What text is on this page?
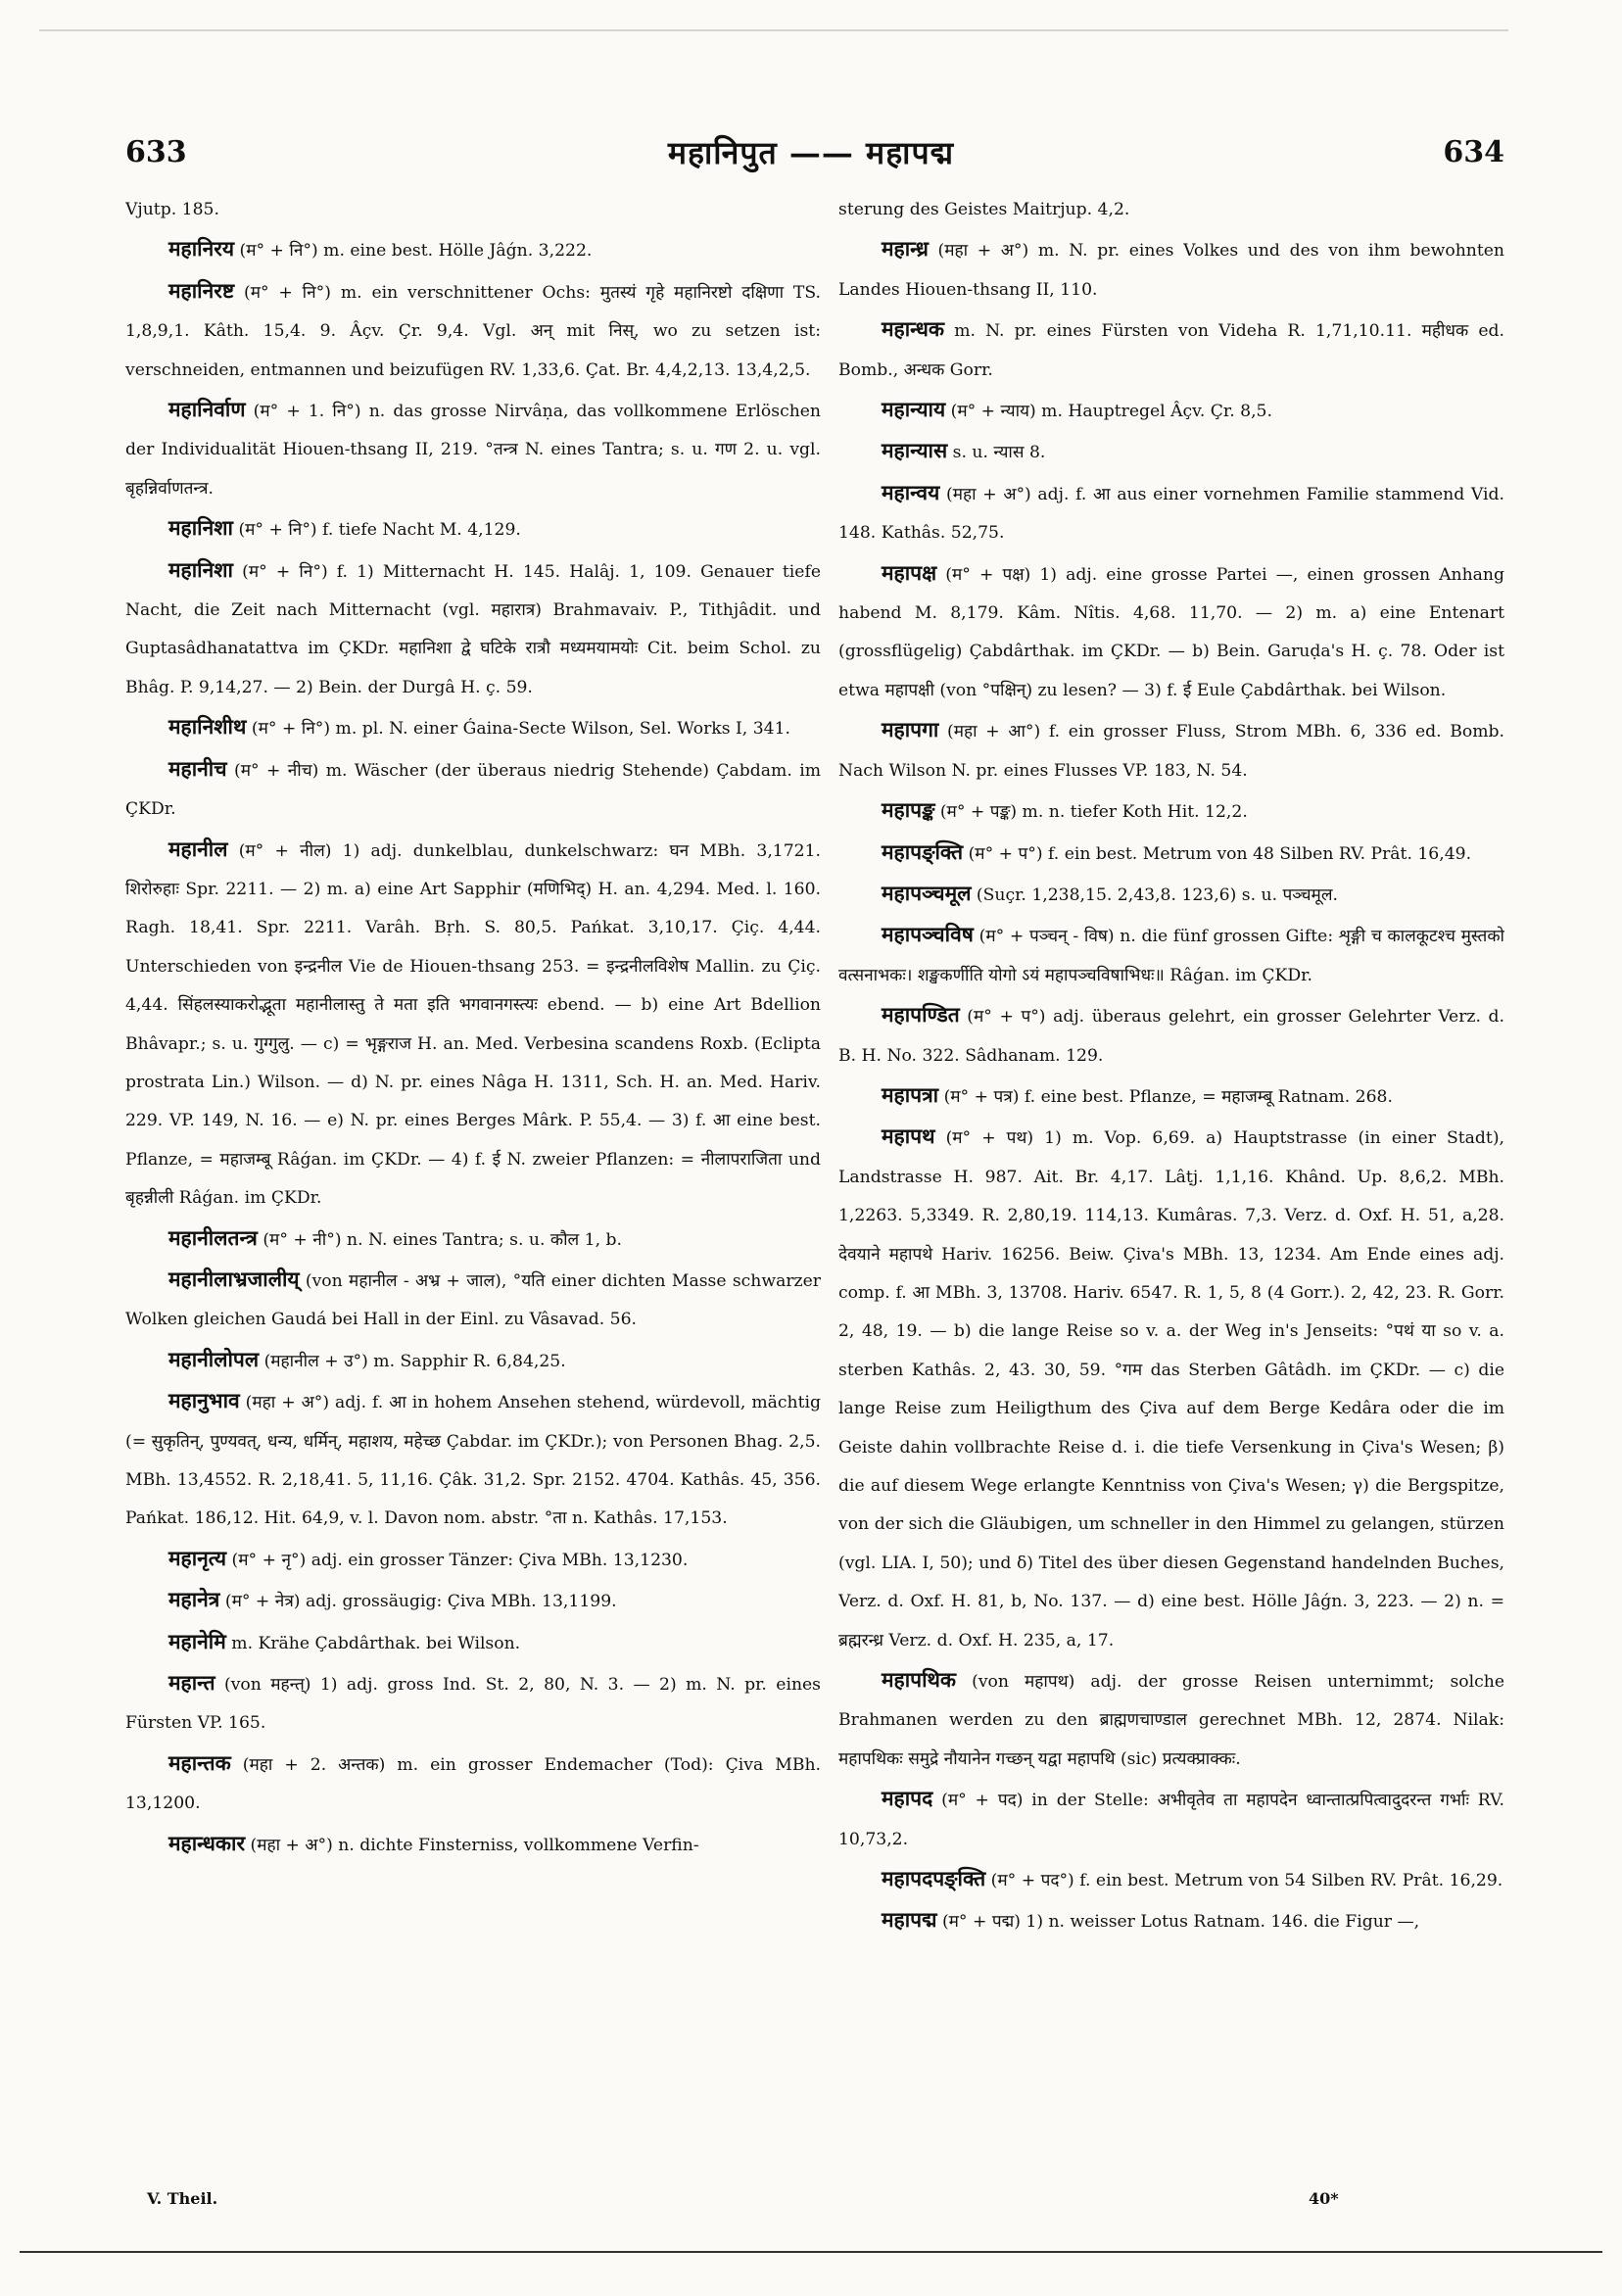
633	महानिपुत —— महापद्म	634

Vjutp. 185.

महानिरय (म° + नि°) m. eine best. Hölle Jâǵn. 3,222.

महानिरष्ट (म° + नि°) m. ein verschnittener Ochs: मुतस्यं गृहे महानिरष्टो दक्षिणा TS. 1,8,9,1. Kâth. 15,4. 9. Âçv. Çr. 9,4. Vgl. अन् mit निस्, wo zu setzen ist: verschneiden, entmannen und beizufügen RV. 1,33,6. Çat. Br. 4,4,2,13. 13,4,2,5.

महानिर्वाण (म° + 1. नि°) n. das grosse Nirvâṇa, das vollkommene Erlöschen der Individualität Hiouen-thsang II, 219. °तन्त्र N. eines Tantra; s. u. गण 2. u. vgl. बृहन्निर्वाणतन्त्र.

महानिशा (म° + नि°) f. tiefe Nacht M. 4,129.

महानिशा (म° + नि°) f. 1) Mitternacht H. 145. Halâj. 1, 109. Genauer tiefe Nacht, die Zeit nach Mitternacht (vgl. महारात्र) Brahmavaiv. P., Tithjâdit. und Guptasâdhanatattva im ÇKDr. महानिशा द्वे घटिके रात्रौ मध्यमयामयोः Cit. beim Schol. zu Bhâg. P. 9,14,27. — 2) Bein. der Durgâ H. ç. 59.

महानिशीथ (म° + नि°) m. pl. N. einer Ǵaina-Secte Wilson, Sel. Works I, 341.

महानीच (म° + नीच) m. Wäscher (der überaus niedrig Stehende) Çabdam. im ÇKDr.

महानील (म° + नील) 1) adj. dunkelblau, dunkelschwarz: घन MBh. 3,1721. शिरोरुहाः Spr. 2211. — 2) m. a) eine Art Sapphir (मणिभिद्) H. an. 4,294. Med. l. 160. Ragh. 18,41. Spr. 2211. Varâh. Bṛh. S. 80,5. Pańkat. 3,10,17. Çiç. 4,44. Unterschieden von इन्द्रनील Vie de Hiouen-thsang 253. = इन्द्रनीलविशेष Mallin. zu Çiç. 4,44. सिंहलस्याकरोद्भूता महानीलास्तु ते मता इति भगवानगस्त्यः ebend. — b) eine Art Bdellion Bhâvapr.; s. u. गुग्गुलु. — c) = भृङ्गराज H. an. Med. Verbesina scandens Roxb. (Eclipta prostrata Lin.) Wilson. — d) N. pr. eines Nâga H. 1311, Sch. H. an. Med. Hariv. 229. VP. 149, N. 16. — e) N. pr. eines Berges Mârk. P. 55,4. — 3) f. आ eine best. Pflanze, = महाजम्बू Râǵan. im ÇKDr. — 4) f. ई N. zweier Pflanzen: = नीलापराजिता und बृहन्नीली Râǵan. im ÇKDr.

महानीलतन्त्र (म° + नी°) n. N. eines Tantra; s. u. कौल 1, b.

महानीलाभ्रजालीय् (von महानील - अभ्र + जाल), °यति einer dichten Masse schwarzer Wolken gleichen Gaudá bei Hall in der Einl. zu Vâsavad. 56.

महानीलोपल (महानील + उ°) m. Sapphir R. 6,84,25.

महानुभाव (महा + अ°) adj. f. आ in hohem Ansehen stehend, würdevoll, mächtig (= सुकृतिन्, पुण्यवत्, धन्य, धर्मिन्, महाशय, महेच्छ Çabdar. im ÇKDr.); von Personen Bhag. 2,5. MBh. 13,4552. R. 2,18,41. 5, 11,16. Çâk. 31,2. Spr. 2152. 4704. Kathâs. 45, 356. Pańkat. 186,12. Hit. 64,9, v. l. Davon nom. abstr. °ता n. Kathâs. 17,153.

महानृत्य (म° + नृ°) adj. ein grosser Tänzer: Çiva MBh. 13,1230.

महानेत्र (म° + नेत्र) adj. grossäugig: Çiva MBh. 13,1199.

महानेमि m. Krähe Çabdârthak. bei Wilson.

महान्त (von महन्त्) 1) adj. gross Ind. St. 2, 80, N. 3. — 2) m. N. pr. eines Fürsten VP. 165.

महान्तक (महा + 2. अन्तक) m. ein grosser Endemacher (Tod): Çiva MBh. 13,1200.

महान्धकार (महा + अ°) n. dichte Finsterniss, vollkommene Verfin-

sterung des Geistes Maitrjup. 4,2.

महान्ध्र (महा + अ°) m. N. pr. eines Volkes und des von ihm bewohnten Landes Hiouen-thsang II, 110.

महान्धक m. N. pr. eines Fürsten von Videha R. 1,71,10.11. महीधक ed. Bomb., अन्धक Gorr.

महान्याय (म° + न्याय) m. Hauptregel Âçv. Çr. 8,5.

महान्यास s. u. न्यास 8.

महान्वय (महा + अ°) adj. f. आ aus einer vornehmen Familie stammend Vid. 148. Kathâs. 52,75.

महापक्ष (म° + पक्ष) 1) adj. eine grosse Partei —, einen grossen Anhang habend M. 8,179. Kâm. Nîtis. 4,68. 11,70. — 2) m. a) eine Entenart (grossflügelig) Çabdârthak. im ÇKDr. — b) Bein. Garuḍa's H. ç. 78. Oder ist etwa महापक्षी (von °पक्षिन्) zu lesen? — 3) f. ई Eule Çabdârthak. bei Wilson.

महापगा (महा + आ°) f. ein grosser Fluss, Strom MBh. 6, 336 ed. Bomb. Nach Wilson N. pr. eines Flusses VP. 183, N. 54.

महापङ्क (म° + पङ्क) m. n. tiefer Koth Hit. 12,2.

महापङ्क्ति (म° + प°) f. ein best. Metrum von 48 Silben RV. Prât. 16,49.

महापञ्चमूल (Suçr. 1,238,15. 2,43,8. 123,6) s. u. पञ्चमूल.

महापञ्चविष (म° + पञ्चन् - विष) n. die fünf grossen Gifte: शृङ्गी च कालकूटश्च मुस्तको वत्सनाभकः। शङ्खकर्णीति योगो ऽयं महापञ्चविषाभिधः॥ Râǵan. im ÇKDr.

महापण्डित (म° + प°) adj. überaus gelehrt, ein grosser Gelehrter Verz. d. B. H. No. 322. Sâdhanam. 129.

महापत्रा (म° + पत्र) f. eine best. Pflanze, = महाजम्बू Ratnam. 268.

महापथ (म° + पथ) 1) m. Vop. 6,69. a) Hauptstrasse (in einer Stadt), Landstrasse H. 987. Ait. Br. 4,17. Lâṭj. 1,1,16. Khând. Up. 8,6,2. MBh. 1,2263. 5,3349. R. 2,80,19. 114,13. Kumâras. 7,3. Verz. d. Oxf. H. 51, a,28. देवयाने महापथे Hariv. 16256. Beiw. Çiva's MBh. 13, 1234. Am Ende eines adj. comp. f. आ MBh. 3, 13708. Hariv. 6547. R. 1, 5, 8 (4 Gorr.). 2, 42, 23. R. Gorr. 2, 48, 19. — b) die lange Reise so v. a. der Weg in's Jenseits: °पथं या so v. a. sterben Kathâs. 2, 43. 30, 59. °गम das Sterben Gâtâdh. im ÇKDr. — c) die lange Reise zum Heiligthum des Çiva auf dem Berge Kedâra oder die im Geiste dahin vollbrachte Reise d. i. die tiefe Versenkung in Çiva's Wesen; β) die auf diesem Wege erlangte Kenntniss von Çiva's Wesen; γ) die Bergspitze, von der sich die Gläubigen, um schneller in den Himmel zu gelangen, stürzen (vgl. LIA. I, 50); und δ) Titel des über diesen Gegenstand handelnden Buches, Verz. d. Oxf. H. 81, b, No. 137. — d) eine best. Hölle Jâǵn. 3, 223. — 2) n. = ब्रह्मरन्ध्र Verz. d. Oxf. H. 235, a, 17.

महापथिक (von महापथ) adj. der grosse Reisen unternimmt; solche Brahmanen werden zu den ब्राह्मणचाण्डाल gerechnet MBh. 12, 2874. Nilak: महापथिकः समुद्रे नौयानेन गच्छन् यद्वा महापथि (sic) प्रत्यक्प्राक्कः.

महापद (म° + पद) in der Stelle: अभीवृतेव ता महापदेन ध्वान्तात्प्रपित्वादुदरन्त गर्भाः RV. 10,73,2.

महापदपङ्क्ति (म° + पद°) f. ein best. Metrum von 54 Silben RV. Prât. 16,29.

महापद्म (म° + पद्म) 1) n. weisser Lotus Ratnam. 146. die Figur —,

V. Theil.	40*
